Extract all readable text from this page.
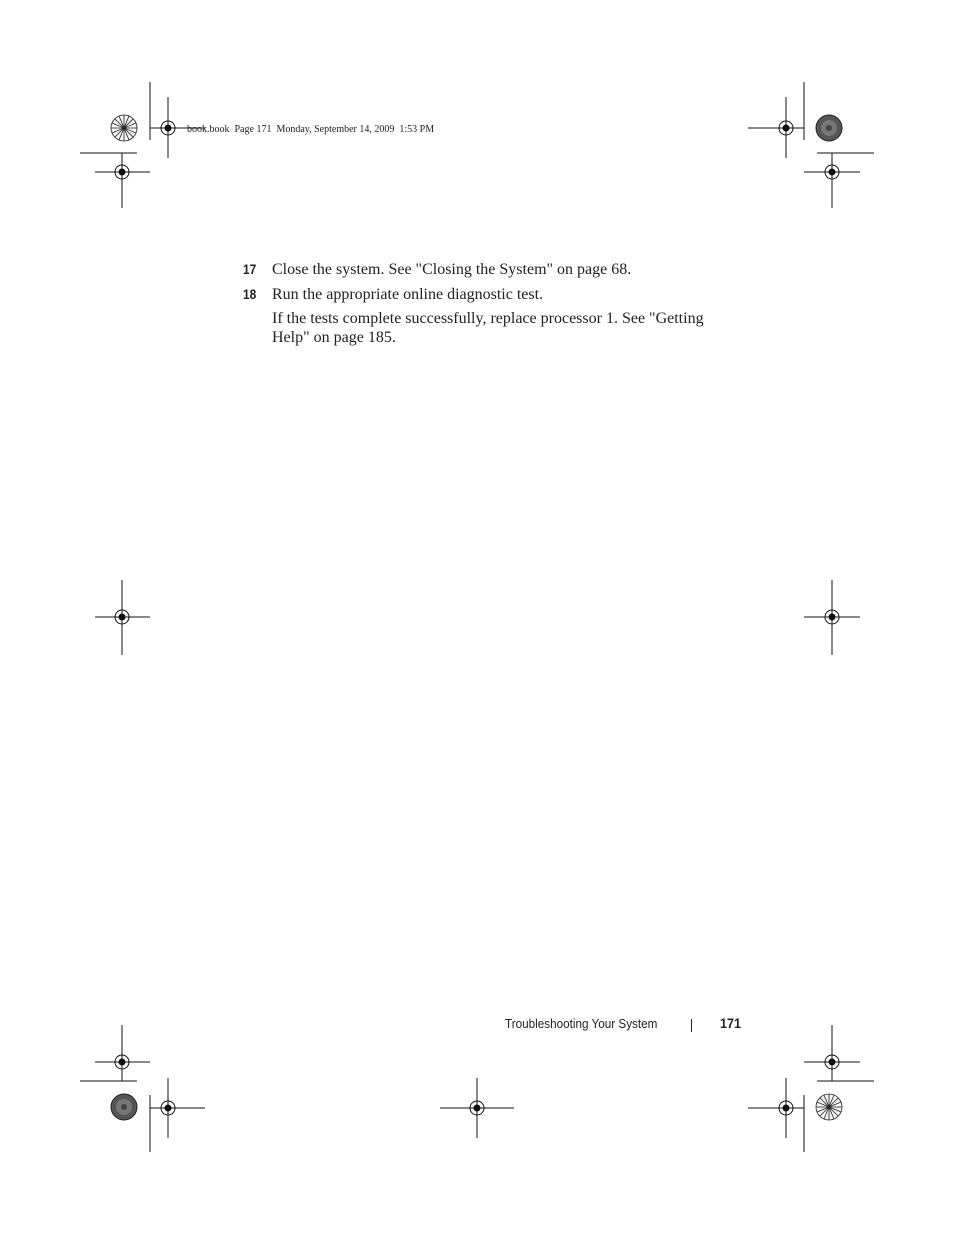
book.book  Page 171  Monday, September 14, 2009  1:53 PM
17 Close the system. See "Closing the System" on page 68.
18 Run the appropriate online diagnostic test.
If the tests complete successfully, replace processor 1. See "Getting Help" on page 185.
Troubleshooting Your System	171
